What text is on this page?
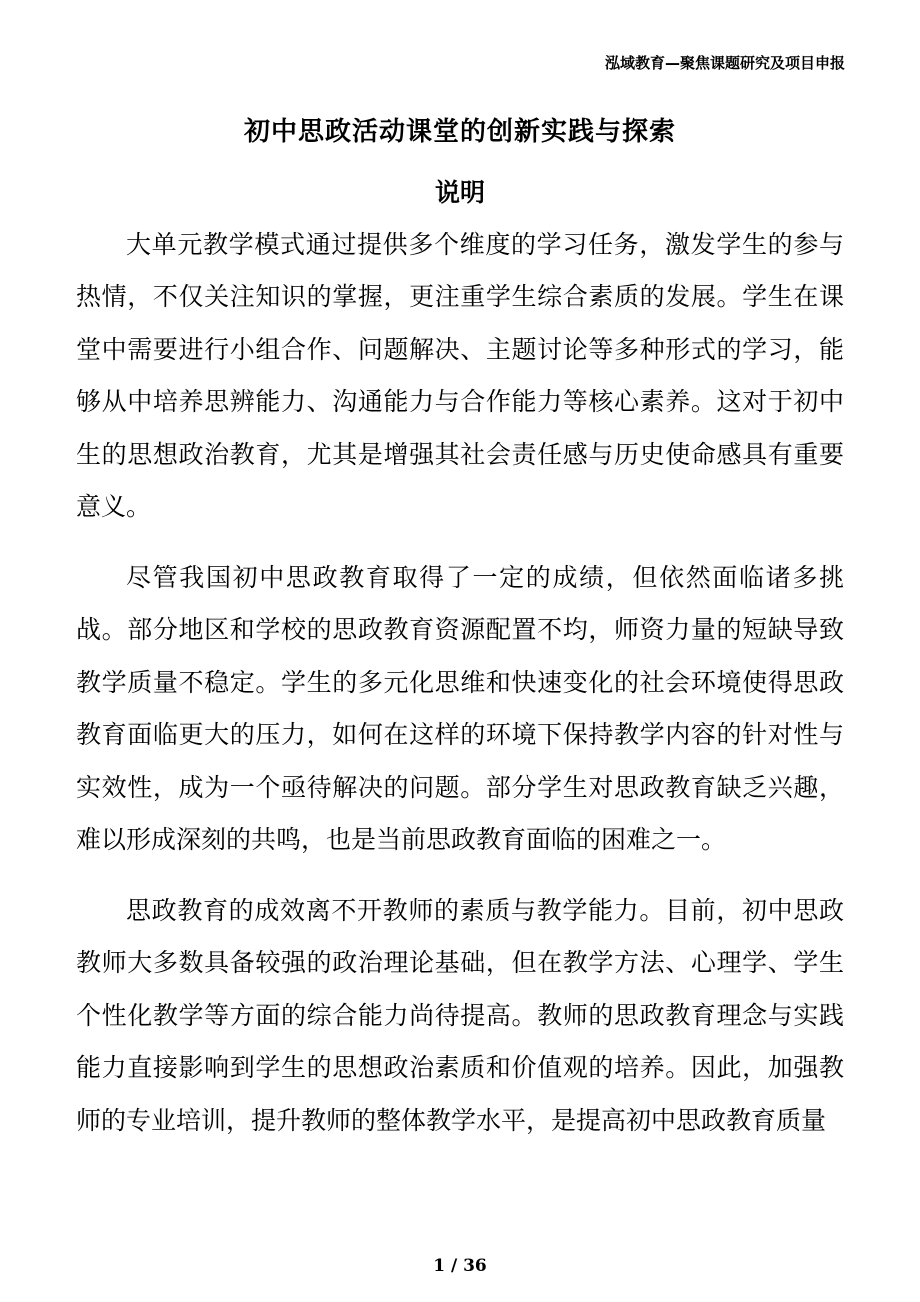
泓域教育—聚焦课题研究及项目申报
初中思政活动课堂的创新实践与探索
说明

大单元教学模式通过提供多个维度的学习任务，激发学生的参与热情，不仅关注知识的掌握，更注重学生综合素质的发展。学生在课堂中需要进行小组合作、问题解决、主题讨论等多种形式的学习，能够从中培养思辨能力、沟通能力与合作能力等核心素养。这对于初中生的思想政治教育，尤其是增强其社会责任感与历史使命感具有重要意义。

尽管我国初中思政教育取得了一定的成绩，但依然面临诸多挑战。部分地区和学校的思政教育资源配置不均，师资力量的短缺导致教学质量不稳定。学生的多元化思维和快速变化的社会环境使得思政教育面临更大的压力，如何在这样的环境下保持教学内容的针对性与实效性，成为一个亟待解决的问题。部分学生对思政教育缺乏兴趣，难以形成深刻的共鸣，也是当前思政教育面临的困难之一。

思政教育的成效离不开教师的素质与教学能力。目前，初中思政教师大多数具备较强的政治理论基础，但在教学方法、心理学、学生个性化教学等方面的综合能力尚待提高。教师的思政教育理念与实践能力直接影响到学生的思想政治素质和价值观的培养。因此，加强教师的专业培训，提升教师的整体教学水平，是提高初中思政教育质量

1 / 36
